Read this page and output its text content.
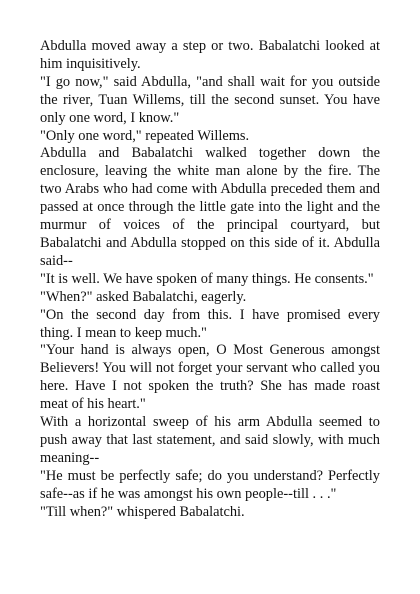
Abdulla moved away a step or two. Babalatchi looked at him inquisitively.

"I go now," said Abdulla, "and shall wait for you outside the river, Tuan Willems, till the second sunset. You have only one word, I know."

"Only one word," repeated Willems.

Abdulla and Babalatchi walked together down the enclosure, leaving the white man alone by the fire. The two Arabs who had come with Abdulla preceded them and passed at once through the little gate into the light and the murmur of voices of the principal courtyard, but Babalatchi and Abdulla stopped on this side of it. Abdulla said--

"It is well. We have spoken of many things. He consents."

"When?" asked Babalatchi, eagerly.

"On the second day from this. I have promised every thing. I mean to keep much."

"Your hand is always open, O Most Generous amongst Believers! You will not forget your servant who called you here. Have I not spoken the truth? She has made roast meat of his heart."

With a horizontal sweep of his arm Abdulla seemed to push away that last statement, and said slowly, with much meaning--

"He must be perfectly safe; do you understand? Perfectly safe--as if he was amongst his own people--till . . ."

"Till when?" whispered Babalatchi.
